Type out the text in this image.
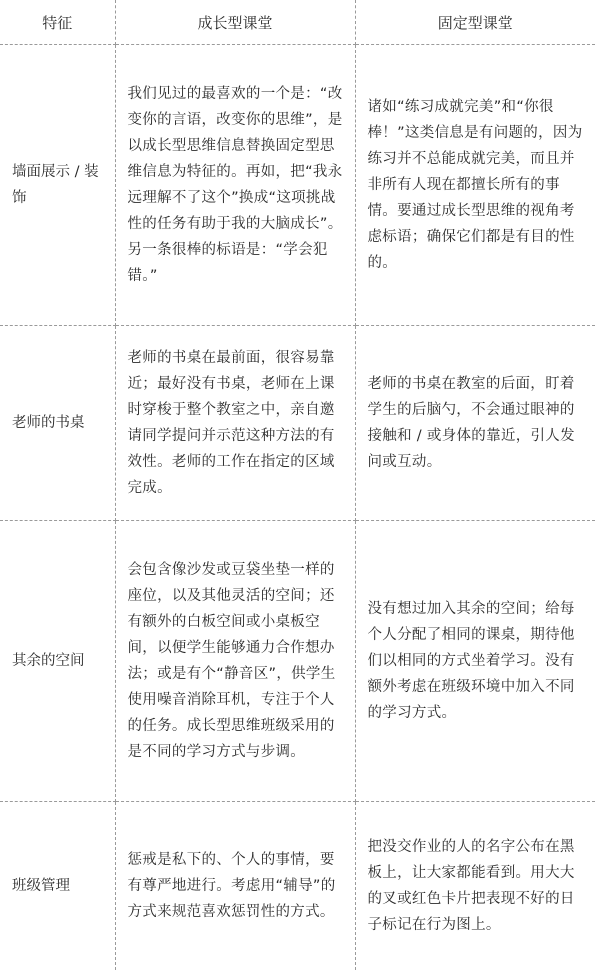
特征	成长型课堂	固定型课堂
墙面展示 / 装饰	我们见过的最喜欢的一个是：“改变你的言语，改变你的思维”，是以成长型思维信息替换固定型思维信息为特征的。再如，把“我永远理解不了这个”换成“这项挑战性的任务有助于我的大脑成长”。另一条很棒的标语是：“学会犯错。”	诸如“练习成就完美”和“你很棒！”这类信息是有问题的，因为练习并不总能成就完美，而且并非所有人现在都擅长所有的事情。要通过成长型思维的视角考虑标语；确保它们都是有目的性的。
老师的书桌	老师的书桌在最前面，很容易靠近；最好没有书桌，老师在上课时穿梭于整个教室之中，亲自邀请同学提问并示范这种方法的有效性。老师的工作在指定的区域完成。	老师的书桌在教室的后面，盯着学生的后脑勺，不会通过眼神的接触和 / 或身体的靠近，引人发问或互动。
其余的空间	会包含像沙发或豆袋坐垫一样的座位，以及其他灵活的空间；还有额外的白板空间或小桌板空间，以便学生能够通力合作想办法；或是有个“静音区”，供学生使用噪音消除耳机，专注于个人的任务。成长型思维班级采用的是不同的学习方式与步调。	没有想过加入其余的空间；给每个人分配了相同的课桌，期待他们以相同的方式坐着学习。没有额外考虑在班级环境中加入不同的学习方式。
班级管理	惩戒是私下的、个人的事情，要有尊严地进行。考虑用“辅导”的方式来规范喜欢惩罚性的方式。	把没交作业的人的名字公布在黑板上，让大家都能看到。用大大的叉或红色卡片把表现不好的日子标记在行为图上。
